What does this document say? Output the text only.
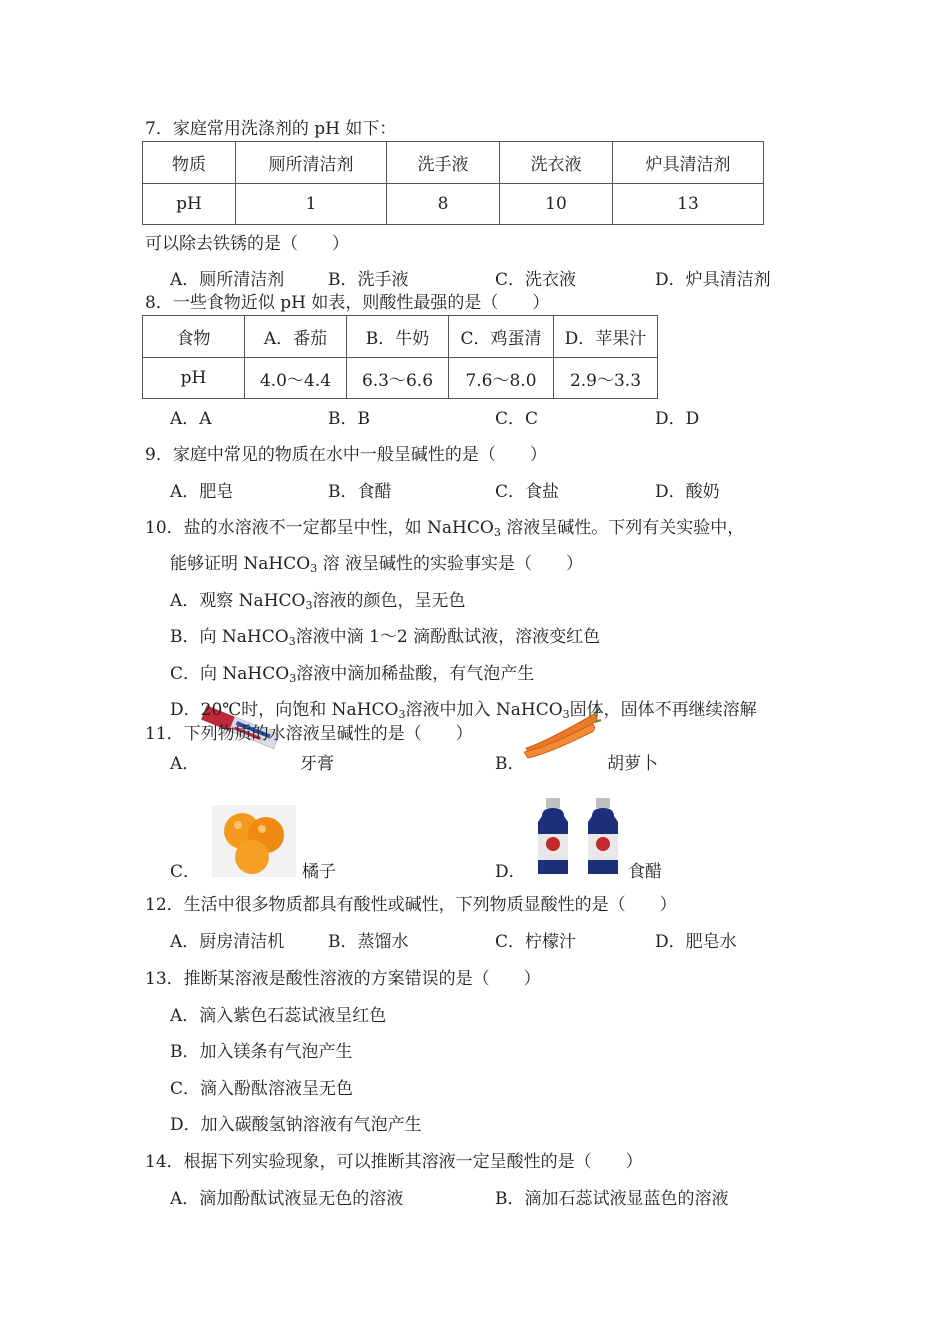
7．家庭常用洗涤剂的 pH 如下：
物质	厕所清洁剂	洗手液	洗衣液	炉具清洁剂
pH	1	8	10	13
可以除去铁锈的是（　　）
A．厕所清洁剂	B．洗手液	C．洗衣液	D．炉具清洁剂
8．一些食物近似 pH 如表，则酸性最强的是（　　）
食物	A．番茄	B．牛奶	C．鸡蛋清	D．苹果汁
pH	4.0～4.4	6.3～6.6	7.6～8.0	2.9～3.3
A．A	B．B	C．C	D．D
9．家庭中常见的物质在水中一般呈碱性的是（　　）
A．肥皂	B．食醋	C．食盐	D．酸奶
10．盐的水溶液不一定都呈中性，如 NaHCO$_3$ 溶液呈碱性。下列有关实验中，
能够证明 NaHCO$_3$ 溶 液呈碱性的实验事实是（　　）
A．观察 NaHCO$_3$溶液的颜色，呈无色
B．向 NaHCO$_3$溶液中滴 1～2 滴酚酞试液，溶液变红色
C．向 NaHCO$_3$溶液中滴加稀盐酸，有气泡产生
D．20℃时，向饱和 NaHCO$_3$溶液中加入 NaHCO$_3$固体，固体不再继续溶解
11．下列物质的水溶液呈碱性的是（　　）
A．	牙膏	B．	胡萝卜
C．	橘子	D．	食醋
12．生活中很多物质都具有酸性或碱性，下列物质显酸性的是（　　）
A．厨房清洁机	B．蒸馏水	C．柠檬汁	D．肥皂水
13．推断某溶液是酸性溶液的方案错误的是（　　）
A．滴入紫色石蕊试液呈红色
B．加入镁条有气泡产生
C．滴入酚酞溶液呈无色
D．加入碳酸氢钠溶液有气泡产生
14．根据下列实验现象，可以推断其溶液一定呈酸性的是（　　）
A．滴加酚酞试液显无色的溶液	B．滴加石蕊试液显蓝色的溶液
